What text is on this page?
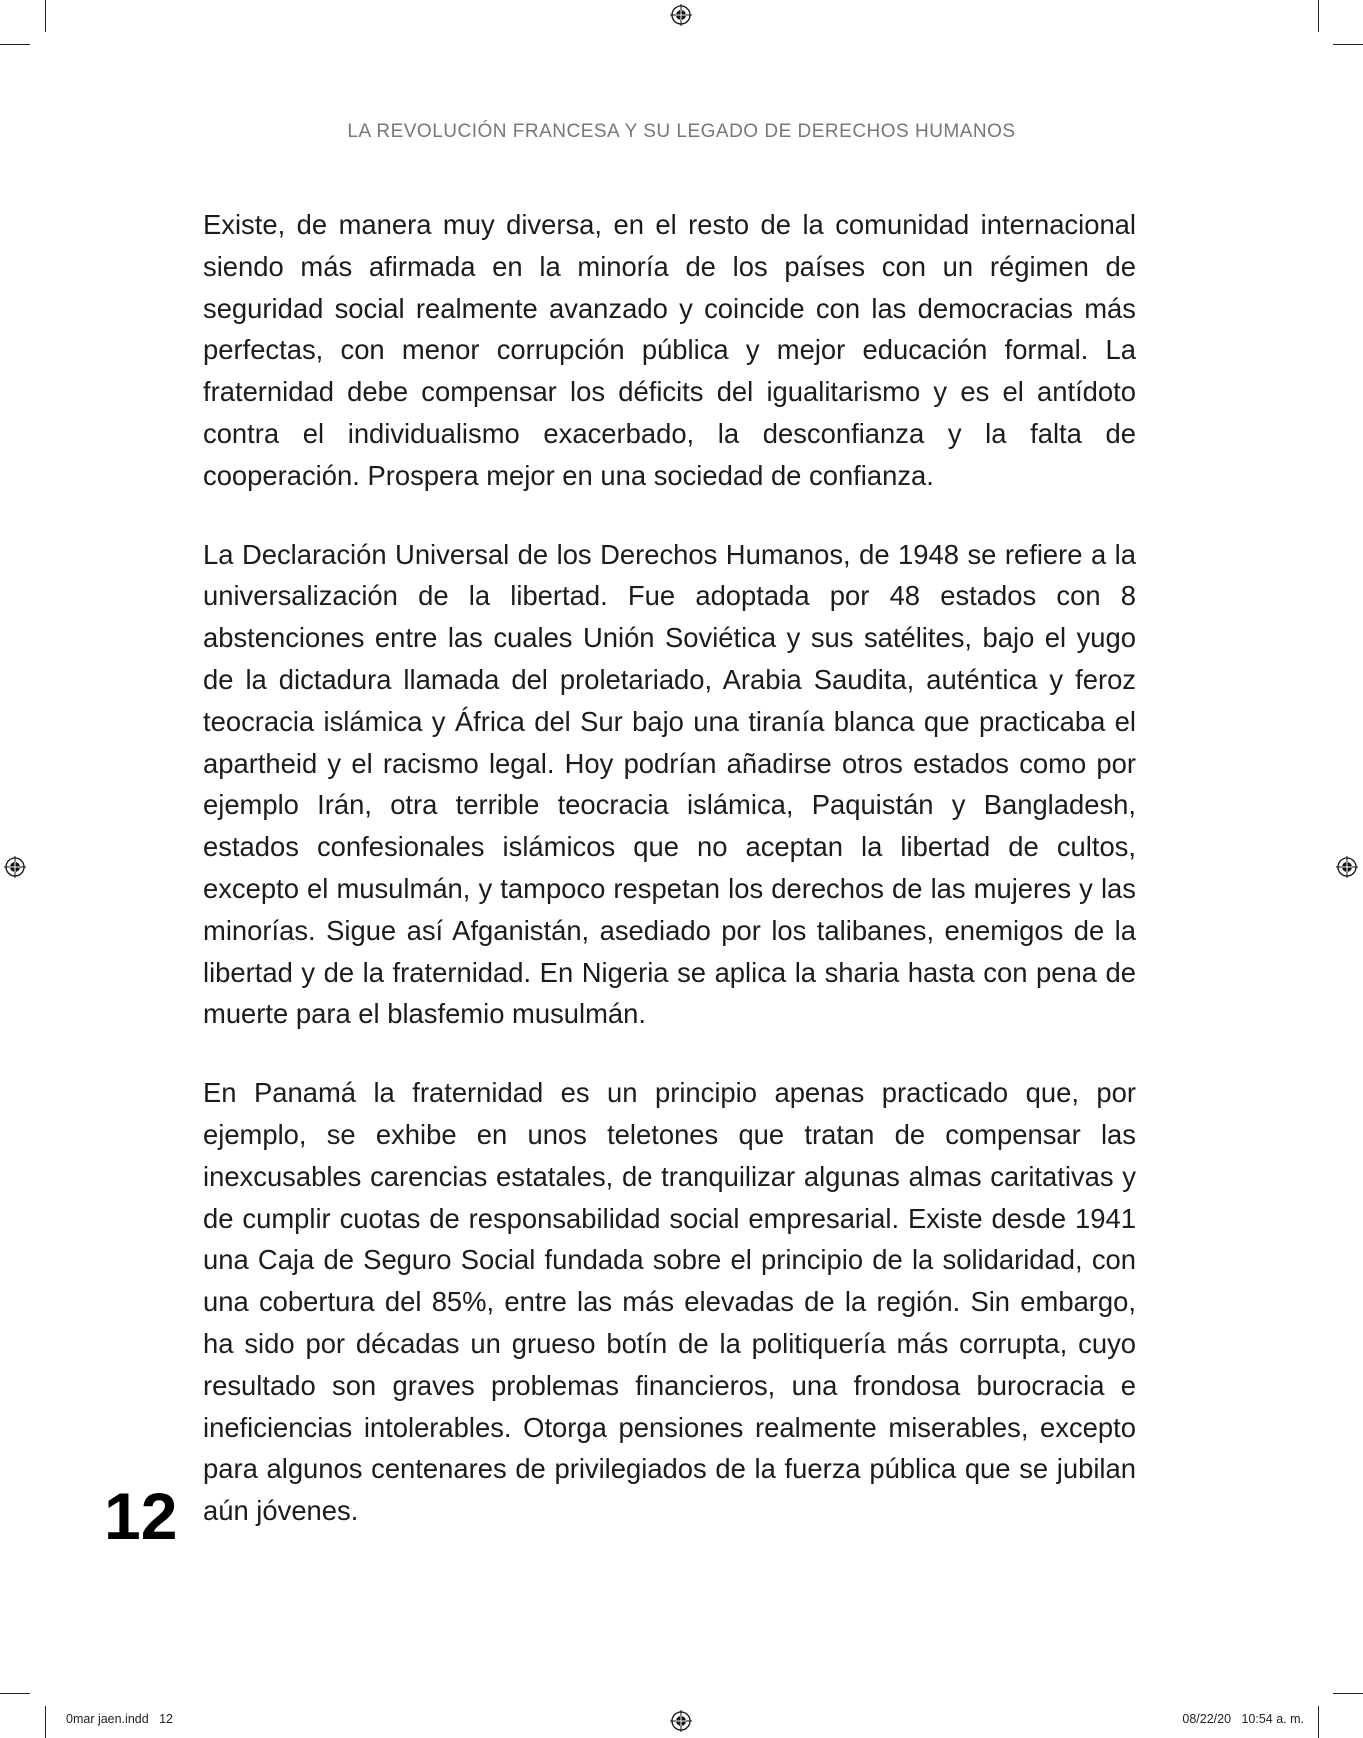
LA REVOLUCIÓN FRANCESA Y SU LEGADO DE DERECHOS HUMANOS

Existe, de manera muy diversa, en el resto de la comunidad internacional siendo más afirmada en la minoría de los países con un régimen de seguridad social realmente avanzado y coincide con las democracias más perfectas, con menor corrupción pública y mejor educación formal. La fraternidad debe compensar los déficits del igualitarismo y es el antídoto contra el individualismo exacerbado, la desconfianza y la falta de cooperación. Prospera mejor en una sociedad de confianza.

La Declaración Universal de los Derechos Humanos, de 1948 se refiere a la universalización de la libertad. Fue adoptada por 48 estados con 8 abstenciones entre las cuales Unión Soviética y sus satélites, bajo el yugo de la dictadura llamada del proletariado, Arabia Saudita, auténtica y feroz teocracia islámica y África del Sur bajo una tiranía blanca que practicaba el apartheid y el racismo legal. Hoy podrían añadirse otros estados como por ejemplo Irán, otra terrible teocracia islámica, Paquistán y Bangladesh, estados confesionales islámicos que no aceptan la libertad de cultos, excepto el musulmán, y tampoco respetan los derechos de las mujeres y las minorías. Sigue así Afganistán, asediado por los talibanes, enemigos de la libertad y de la fraternidad. En Nigeria se aplica la sharia hasta con pena de muerte para el blasfemio musulmán.

En Panamá la fraternidad es un principio apenas practicado que, por ejemplo, se exhibe en unos teletones que tratan de compensar las inexcusables carencias estatales, de tranquilizar algunas almas caritativas y de cumplir cuotas de responsabilidad social empresarial. Existe desde 1941 una Caja de Seguro Social fundada sobre el principio de la solidaridad, con una cobertura del 85%, entre las más elevadas de la región. Sin embargo, ha sido por décadas un grueso botín de la politiquería más corrupta, cuyo resultado son graves problemas financieros, una frondosa burocracia e ineficiencias intolerables. Otorga pensiones realmente miserables, excepto para algunos centenares de privilegiados de la fuerza pública que se jubilan aún jóvenes.

12
0mar jaen.indd   12	08/22/20   10:54 a. m.
